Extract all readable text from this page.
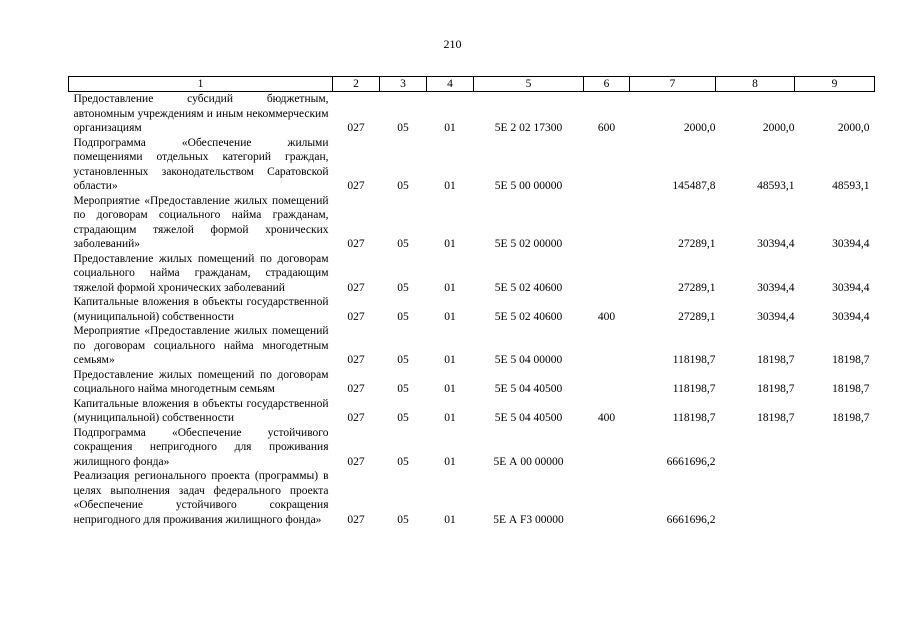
210
1	2	3	4	5	6	7	8	9
Предоставление субсидий бюджетным, автономным учреждениям и иным некоммерческим организациям	027	05	01	5Е 2 02 17300	600	2000,0	2000,0	2000,0
Подпрограмма «Обеспечение жилыми помещениями отдельных категорий граждан, установленных законодательством Саратовской области»	027	05	01	5Е 5 00 00000		145487,8	48593,1	48593,1
Мероприятие «Предоставление жилых помещений по договорам социального найма гражданам, страдающим тяжелой формой хронических заболеваний»	027	05	01	5Е 5 02 00000		27289,1	30394,4	30394,4
Предоставление жилых помещений по договорам социального найма гражданам, страдающим тяжелой формой хронических заболеваний	027	05	01	5Е 5 02 40600		27289,1	30394,4	30394,4
Капитальные вложения в объекты государственной (муниципальной) собственности	027	05	01	5Е 5 02 40600	400	27289,1	30394,4	30394,4
Мероприятие «Предоставление жилых помещений по договорам социального найма многодетным семьям»	027	05	01	5Е 5 04 00000		118198,7	18198,7	18198,7
Предоставление жилых помещений по договорам социального найма многодетным семьям	027	05	01	5Е 5 04 40500		118198,7	18198,7	18198,7
Капитальные вложения в объекты государственной (муниципальной) собственности	027	05	01	5Е 5 04 40500	400	118198,7	18198,7	18198,7
Подпрограмма «Обеспечение устойчивого сокращения непригодного для проживания жилищного фонда»	027	05	01	5Е А 00 00000		6661696,2		
Реализация регионального проекта (программы) в целях выполнения задач федерального проекта «Обеспечение устойчивого сокращения непригодного для проживания жилищного фонда»	027	05	01	5Е А F3 00000		6661696,2		
